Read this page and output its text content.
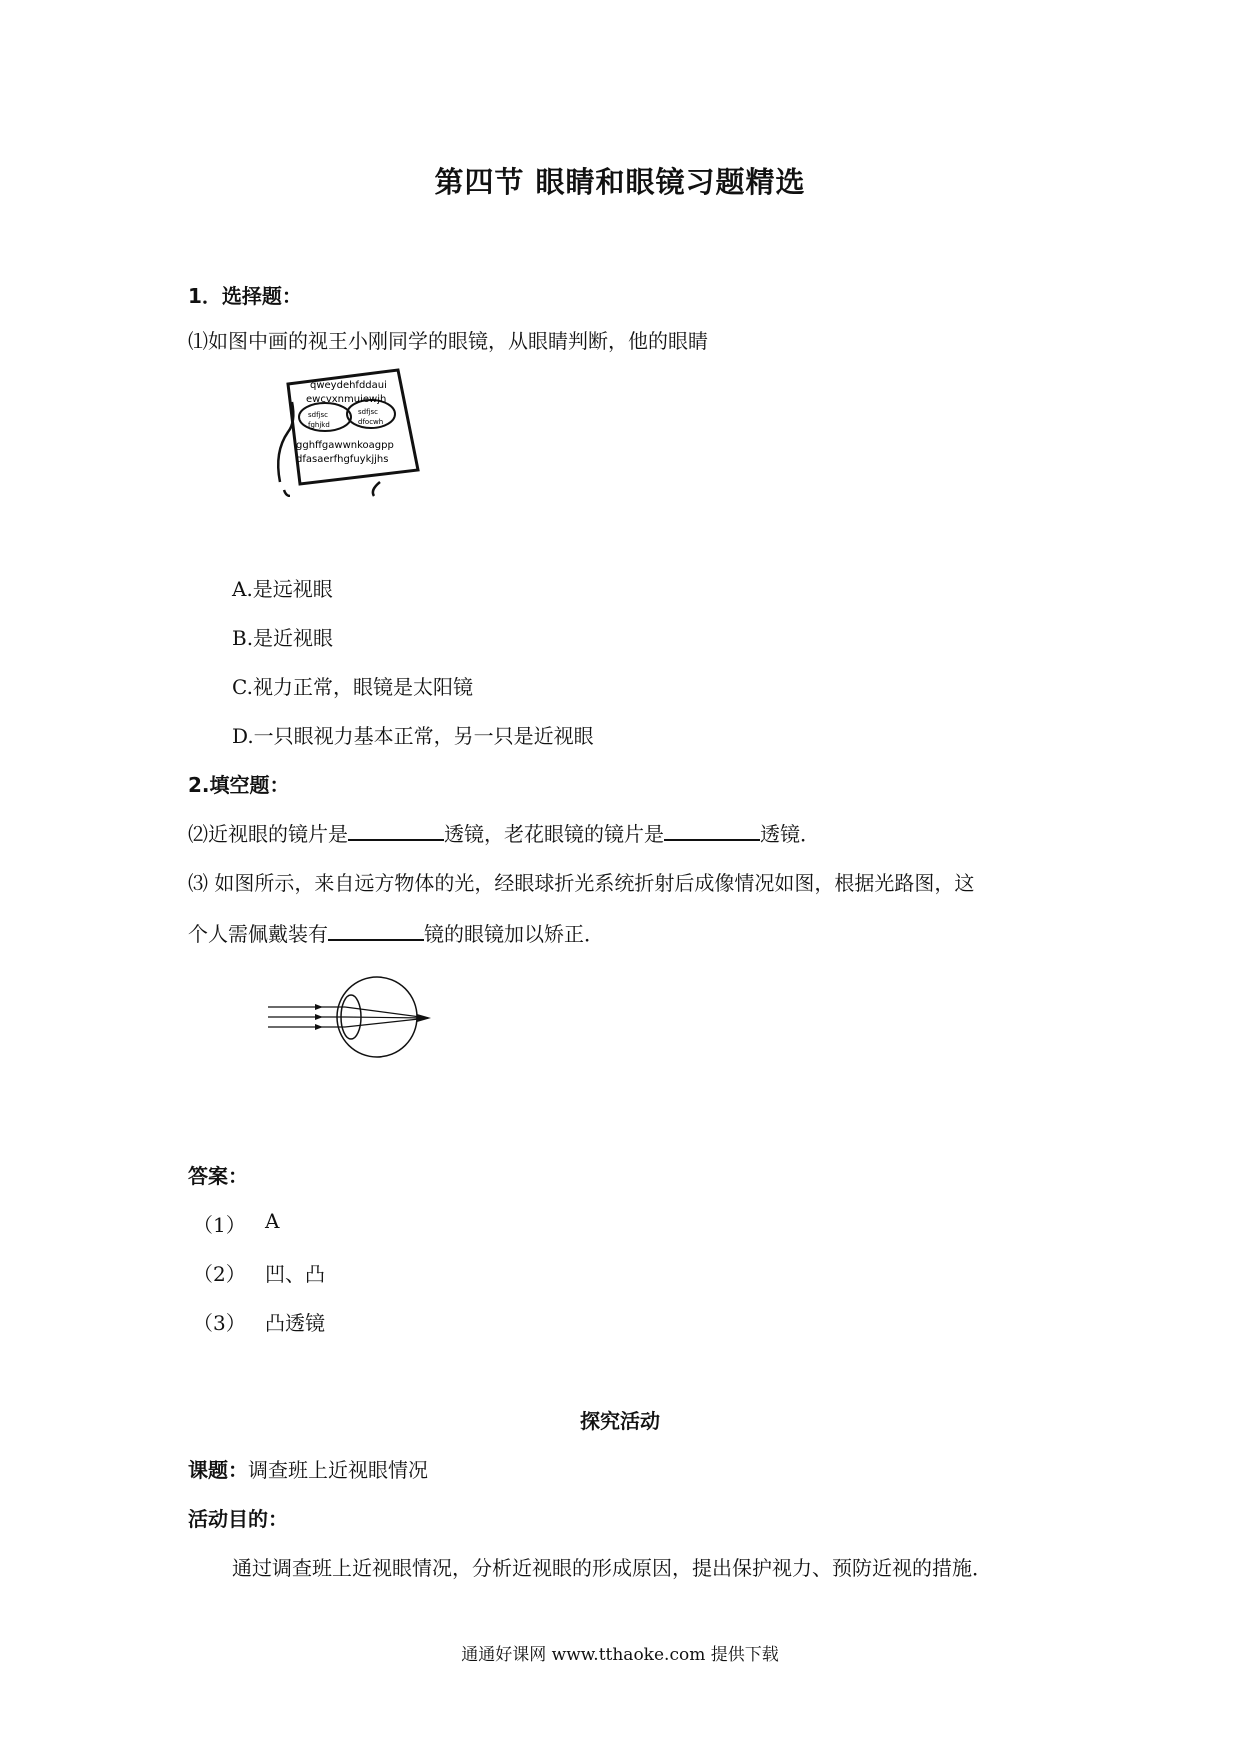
第四节 眼睛和眼镜习题精选
1．选择题：
⑴如图中画的视王小刚同学的眼镜，从眼睛判断，他的眼睛
qweydehfddaui
ewcvxnmuiewjh
sdfjsc
fghjkd
sdfjsc
dfocwh
gghffgawwnkoagpp
dfasaerfhgfuykjjhs
A.是远视眼
B.是近视眼
C.视力正常，眼镜是太阳镜
D.一只眼视力基本正常，另一只是近视眼
2.填空题：
⑵近视眼的镜片是	透镜，老花眼镜的镜片是	透镜．
⑶ 如图所示，来自远方物体的光，经眼球折光系统折射后成像情况如图，根据光路图，这
个人需佩戴装有	镜的眼镜加以矫正．
答案：
（1） A
（2） 凹、凸
（3） 凸透镜
探究活动
课题：调查班上近视眼情况
活动目的：
通过调查班上近视眼情况，分析近视眼的形成原因，提出保护视力、预防近视的措施．
通通好课网 www.tthaoke.com 提供下载
